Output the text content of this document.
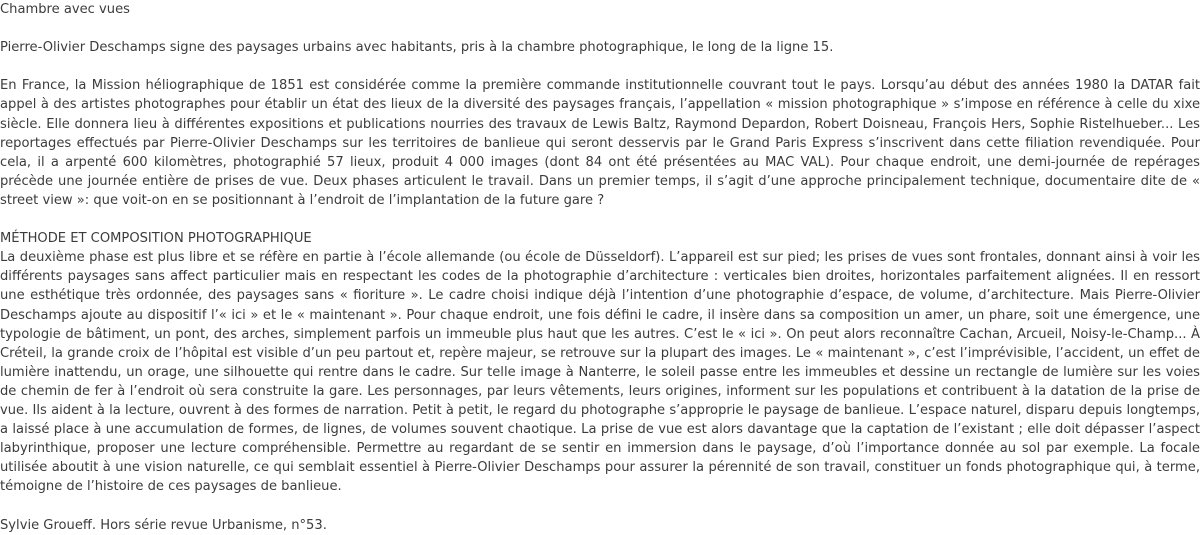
Chambre avec vues

Pierre-Olivier Deschamps signe des paysages urbains avec habitants, pris à la chambre photographique, le long de la ligne 15.

En France, la Mission héliographique de 1851 est considérée comme la première commande institutionnelle couvrant tout le pays. Lorsqu’au début des années 1980 la DATAR fait appel à des artistes photographes pour établir un état des lieux de la diversité des paysages français, l’appellation « mission photographique » s’impose en référence à celle du xixe siècle. Elle donnera lieu à différentes expositions et publications nourries des travaux de Lewis Baltz, Raymond Depardon, Robert Doisneau, François Hers, Sophie Ristelhueber... Les reportages effectués par Pierre-Olivier Deschamps sur les territoires de banlieue qui seront desservis par le Grand Paris Express s’inscrivent dans cette filiation revendiquée. Pour cela, il a arpenté 600 kilomètres, photographié 57 lieux, produit 4 000 images (dont 84 ont été présentées au MAC VAL). Pour chaque endroit, une demi-journée de repérages précède une journée entière de prises de vue. Deux phases articulent le travail. Dans un premier temps, il s’agit d’une approche principalement technique, documentaire dite de « street view »: que voit-on en se positionnant à l’endroit de l’implantation de la future gare ?

MÉTHODE ET COMPOSITION PHOTOGRAPHIQUE

La deuxième phase est plus libre et se réfère en partie à l’école allemande (ou école de Düsseldorf). L’appareil est sur pied; les prises de vues sont frontales, donnant ainsi à voir les différents paysages sans affect particulier mais en respectant les codes de la photographie d’architecture : verticales bien droites, horizontales parfaitement alignées. Il en ressort une esthétique très ordonnée, des paysages sans « fioriture ». Le cadre choisi indique déjà l’intention d’une photographie d’espace, de volume, d’architecture. Mais Pierre-Olivier Deschamps ajoute au dispositif l’« ici » et le « maintenant ». Pour chaque endroit, une fois défini le cadre, il insère dans sa composition un amer, un phare, soit une émergence, une typologie de bâtiment, un pont, des arches, simplement parfois un immeuble plus haut que les autres. C’est le « ici ». On peut alors reconnaître Cachan, Arcueil, Noisy-le-Champ... À Créteil, la grande croix de l’hôpital est visible d’un peu partout et, repère majeur, se retrouve sur la plupart des images. Le « maintenant », c’est l’imprévisible, l’accident, un effet de lumière inattendu, un orage, une silhouette qui rentre dans le cadre. Sur telle image à Nanterre, le soleil passe entre les immeubles et dessine un rectangle de lumière sur les voies de chemin de fer à l’endroit où sera construite la gare. Les personnages, par leurs vêtements, leurs origines, informent sur les populations et contribuent à la datation de la prise de vue. Ils aident à la lecture, ouvrent à des formes de narration. Petit à petit, le regard du photographe s’approprie le paysage de banlieue. L’espace naturel, disparu depuis longtemps, a laissé place à une accumulation de formes, de lignes, de volumes souvent chaotique. La prise de vue est alors davantage que la captation de l’existant ; elle doit dépasser l’aspect labyrinthique, proposer une lecture compréhensible. Permettre au regardant de se sentir en immersion dans le paysage, d’où l’importance donnée au sol par exemple. La focale utilisée aboutit à une vision naturelle, ce qui semblait essentiel à Pierre-Olivier Deschamps pour assurer la pérennité de son travail, constituer un fonds photographique qui, à terme, témoigne de l’histoire de ces paysages de banlieue.

Sylvie Groueff. Hors série revue Urbanisme, n°53.
